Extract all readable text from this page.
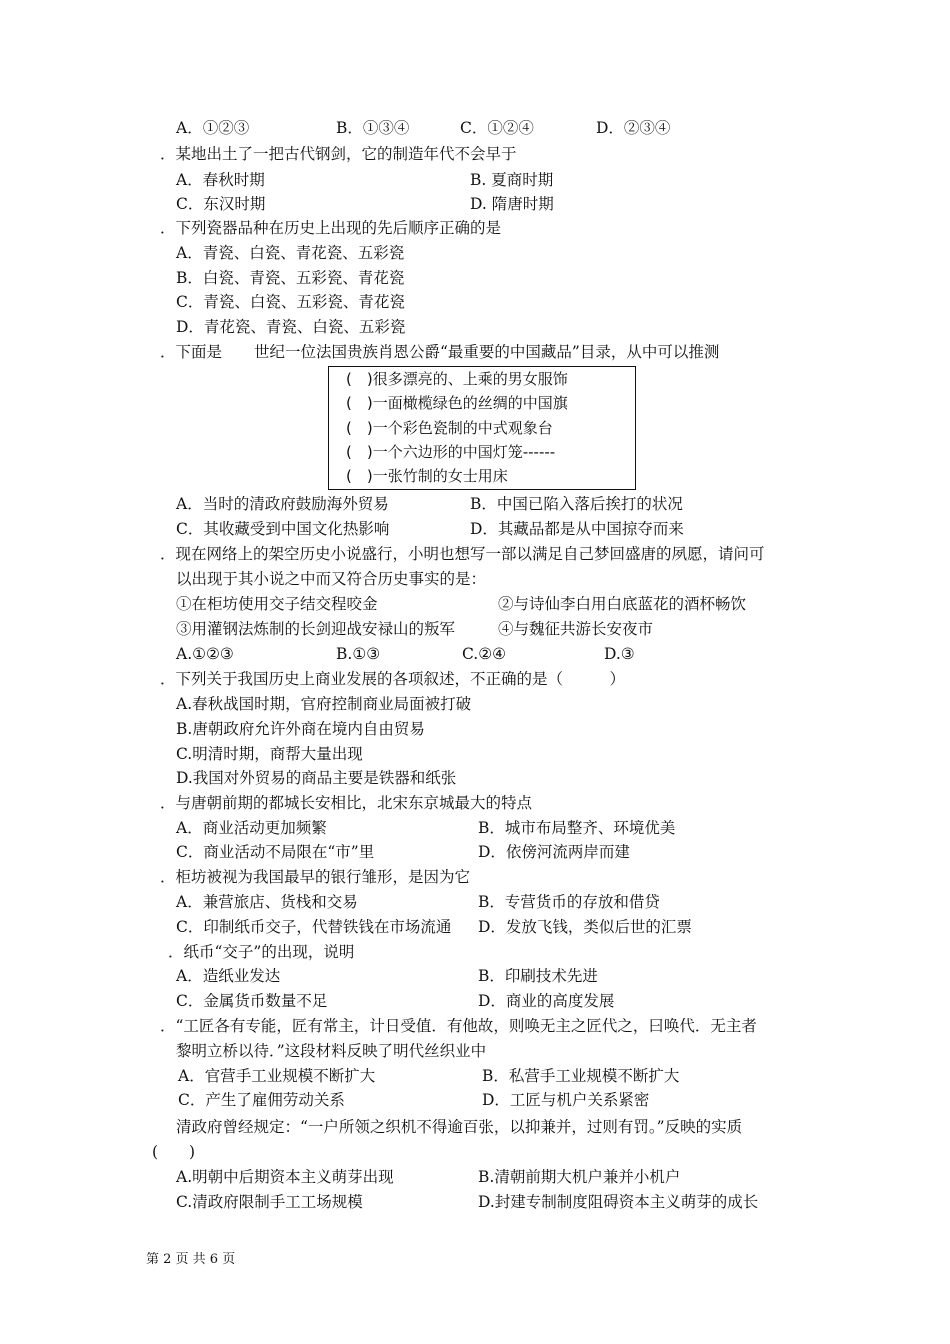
A．①②③	B．①③④	C．①②④	D．②③④
．某地出土了一把古代钢剑，它的制造年代不会早于
A．春秋时期	B. 夏商时期
C．东汉时期	D. 隋唐时期
．下列瓷器品种在历史上出现的先后顺序正确的是
A．青瓷、白瓷、青花瓷、五彩瓷
B．白瓷、青瓷、五彩瓷、青花瓷
C．青瓷、白瓷、五彩瓷、青花瓷
D．青花瓷、青瓷、白瓷、五彩瓷
．下面是 世纪一位法国贵族肖恩公爵“最重要的中国藏品”目录，从中可以推测
(　)很多漂亮的、上乘的男女服饰
(　)一面橄榄绿色的丝绸的中国旗
(　)一个彩色瓷制的中式观象台
(　)一个六边形的中国灯笼------
(　)一张竹制的女士用床
A．当时的清政府鼓励海外贸易	B．中国已陷入落后挨打的状况
C．其收藏受到中国文化热影响	D．其藏品都是从中国掠夺而来
．现在网络上的架空历史小说盛行，小明也想写一部以满足自己梦回盛唐的夙愿，请问可
以出现于其小说之中而又符合历史事实的是：
①在柜坊使用交子结交程咬金	②与诗仙李白用白底蓝花的酒杯畅饮
③用灌钢法炼制的长剑迎战安禄山的叛军	④与魏征共游长安夜市
A.①②③	B.①③	C.②④	D.③
．下列关于我国历史上商业发展的各项叙述，不正确的是（　　　）
A.春秋战国时期，官府控制商业局面被打破
B.唐朝政府允许外商在境内自由贸易
C.明清时期，商帮大量出现
D.我国对外贸易的商品主要是铁器和纸张
．与唐朝前期的都城长安相比，北宋东京城最大的特点
A．商业活动更加频繁	B．城市布局整齐、环境优美
C．商业活动不局限在“市”里	D．依傍河流两岸而建
．柜坊被视为我国最早的银行雏形，是因为它
A．兼营旅店、货栈和交易	B．专营货币的存放和借贷
C．印制纸币交子，代替铁钱在市场流通 D．发放飞钱，类似后世的汇票
．纸币“交子”的出现，说明
A．造纸业发达	B．印刷技术先进
C．金属货币数量不足	D．商业的高度发展
．“工匠各有专能，匠有常主，计日受值．有他故，则唤无主之匠代之，曰唤代．无主者
黎明立桥以待．”这段材料反映了明代丝织业中
A．官营手工业规模不断扩大	B．私营手工业规模不断扩大
C．产生了雇佣劳动关系	D．工匠与机户关系紧密
清政府曾经规定：“一户所领之织机不得逾百张，以抑兼并，过则有罚。”反映的实质
(　　)
A.明朝中后期资本主义萌芽出现	B.清朝前期大机户兼并小机户
C.清政府限制手工工场规模	D.封建专制制度阻碍资本主义萌芽的成长
第 2 页 共 6 页
